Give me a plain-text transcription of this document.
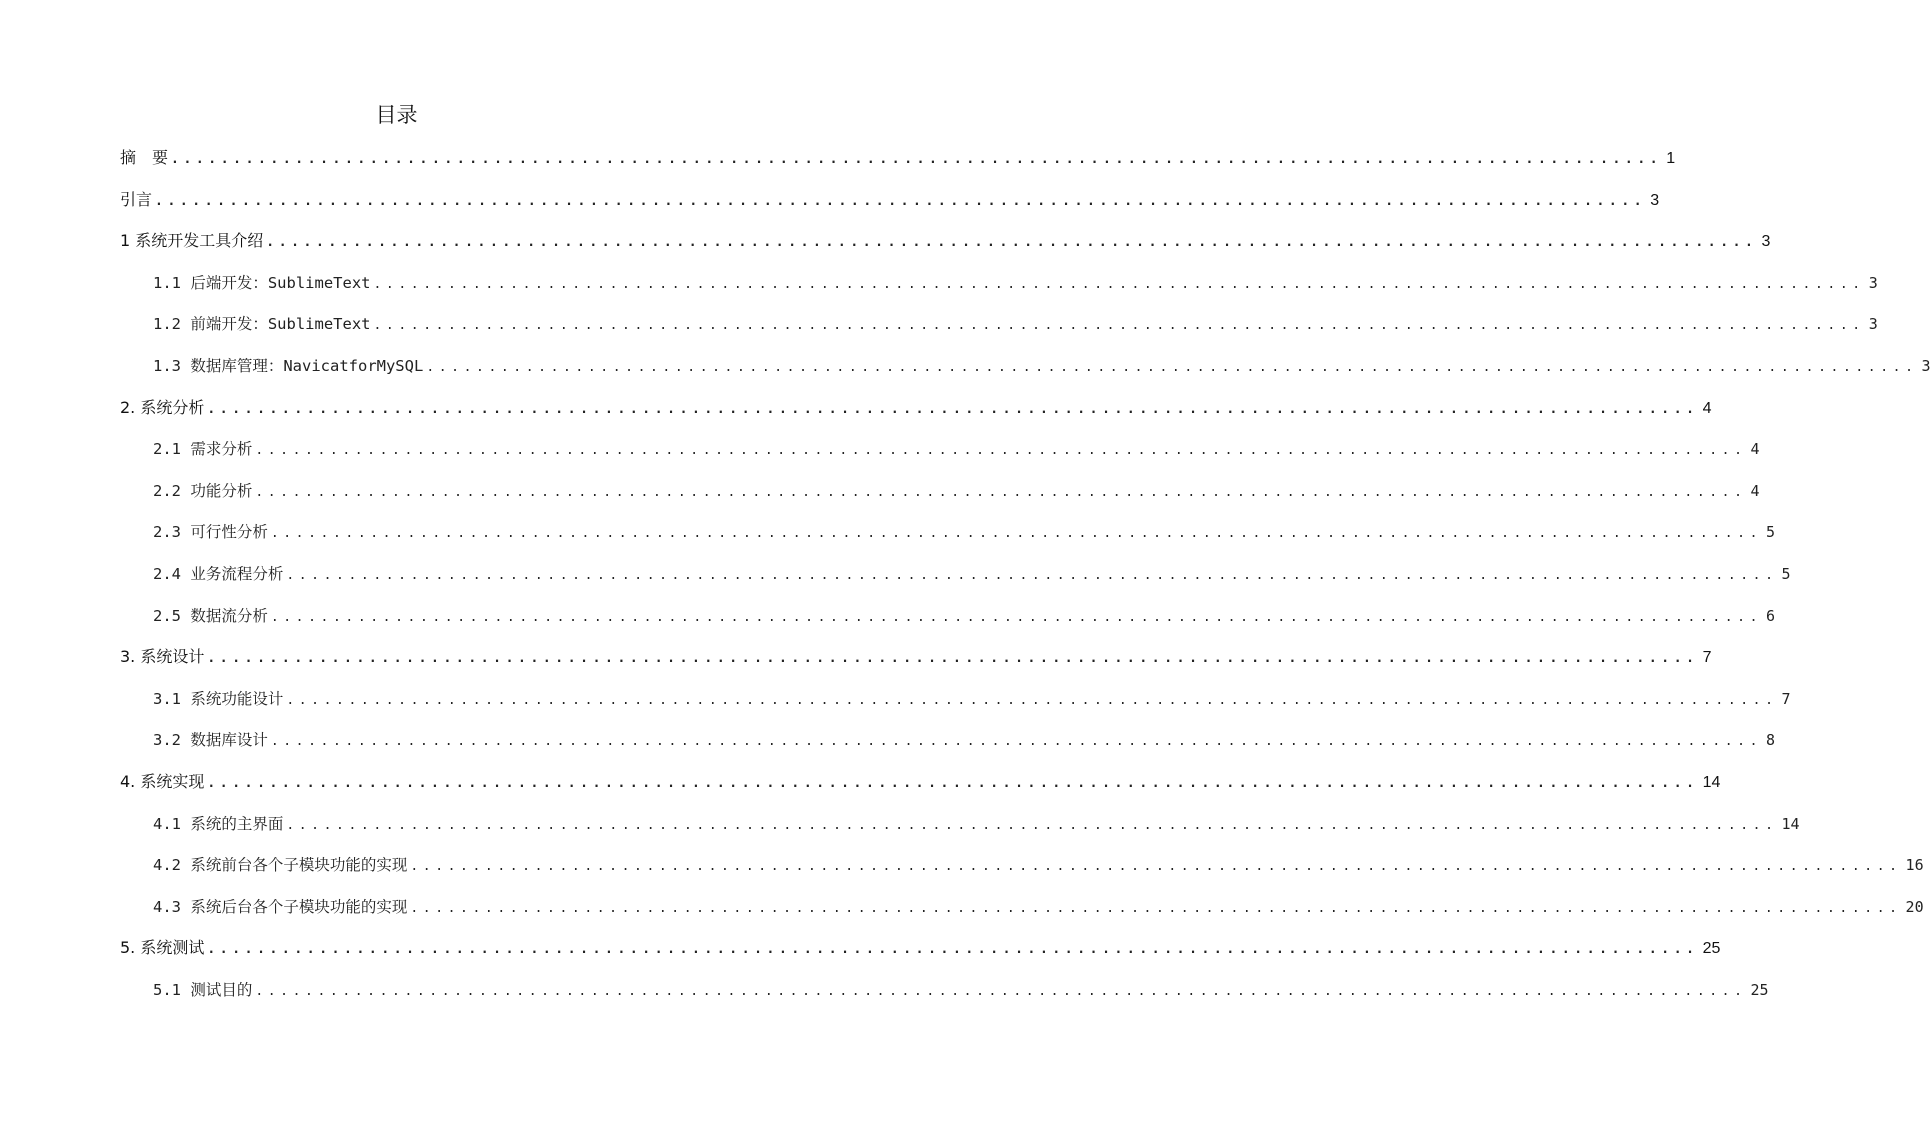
目录
摘　要 ........................................................................................................................ 1
引言 ........................................................................................................................ 3
1 系统开发工具介绍 ........................................................................................................................ 3
1.1 后端开发：SublimeText ........................................................................................................................ 3
1.2 前端开发：SublimeText ........................................................................................................................ 3
1.3 数据库管理：NavicatforMySQL ........................................................................................................................ 3
2. 系统分析 ........................................................................................................................ 4
2.1 需求分析 ........................................................................................................................ 4
2.2 功能分析 ........................................................................................................................ 4
2.3 可行性分析 ........................................................................................................................ 5
2.4 业务流程分析 ........................................................................................................................ 5
2.5 数据流分析 ........................................................................................................................ 6
3. 系统设计 ........................................................................................................................ 7
3.1 系统功能设计 ........................................................................................................................ 7
3.2 数据库设计 ........................................................................................................................ 8
4. 系统实现 ........................................................................................................................ 14
4.1 系统的主界面 ........................................................................................................................ 14
4.2 系统前台各个子模块功能的实现 ........................................................................................................................ 16
4.3 系统后台各个子模块功能的实现 ........................................................................................................................ 20
5. 系统测试 ........................................................................................................................ 25
5.1 测试目的 ........................................................................................................................ 25
